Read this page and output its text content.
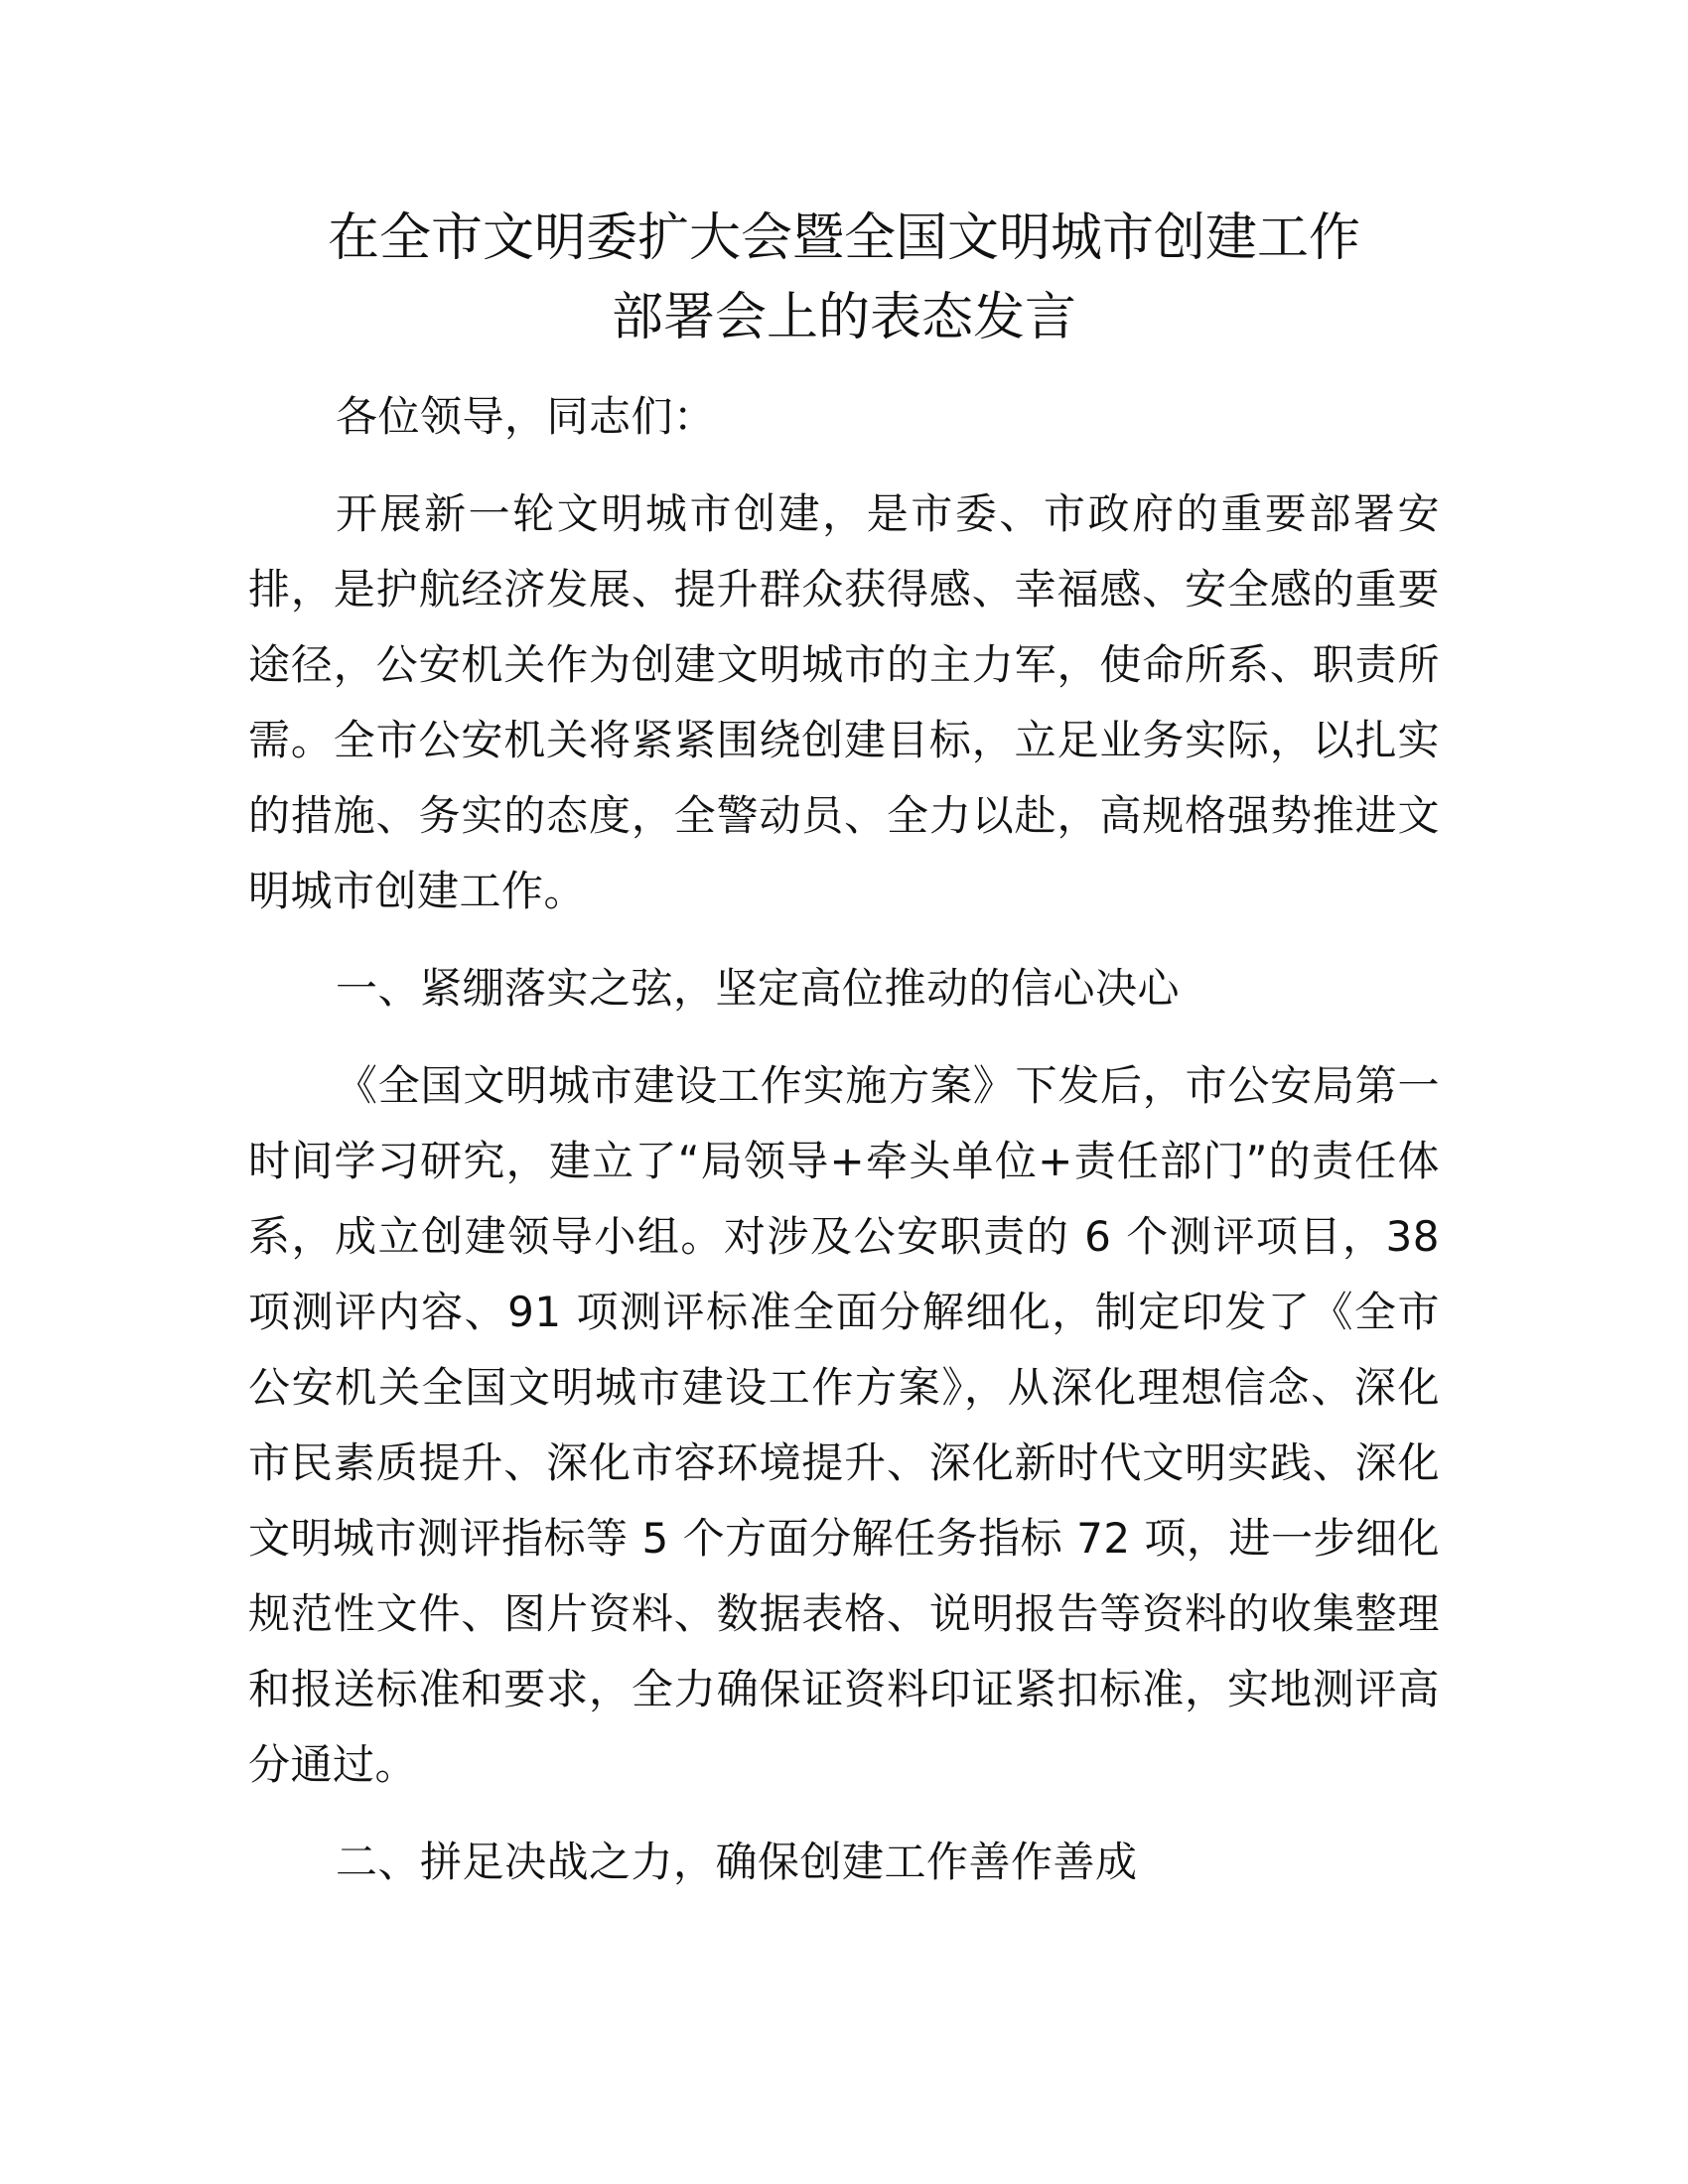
在全市文明委扩大会暨全国文明城市创建工作
部署会上的表态发言

各位领导，同志们：

开展新一轮文明城市创建，是市委、市政府的重要部署安排，是护航经济发展、提升群众获得感、幸福感、安全感的重要途径，公安机关作为创建文明城市的主力军，使命所系、职责所需。全市公安机关将紧紧围绕创建目标，立足业务实际，以扎实的措施、务实的态度，全警动员、全力以赴，高规格强势推进文明城市创建工作。

一、紧绷落实之弦，坚定高位推动的信心决心

《全国文明城市建设工作实施方案》下发后，市公安局第一时间学习研究，建立了“局领导+牵头单位+责任部门”的责任体系，成立创建领导小组。对涉及公安职责的 6 个测评项目，38 项测评内容、91 项测评标准全面分解细化，制定印发了《全市公安机关全国文明城市建设工作方案》，从深化理想信念、深化市民素质提升、深化市容环境提升、深化新时代文明实践、深化文明城市测评指标等 5 个方面分解任务指标 72 项，进一步细化规范性文件、图片资料、数据表格、说明报告等资料的收集整理和报送标准和要求，全力确保证资料印证紧扣标准，实地测评高分通过。

二、拼足决战之力，确保创建工作善作善成
